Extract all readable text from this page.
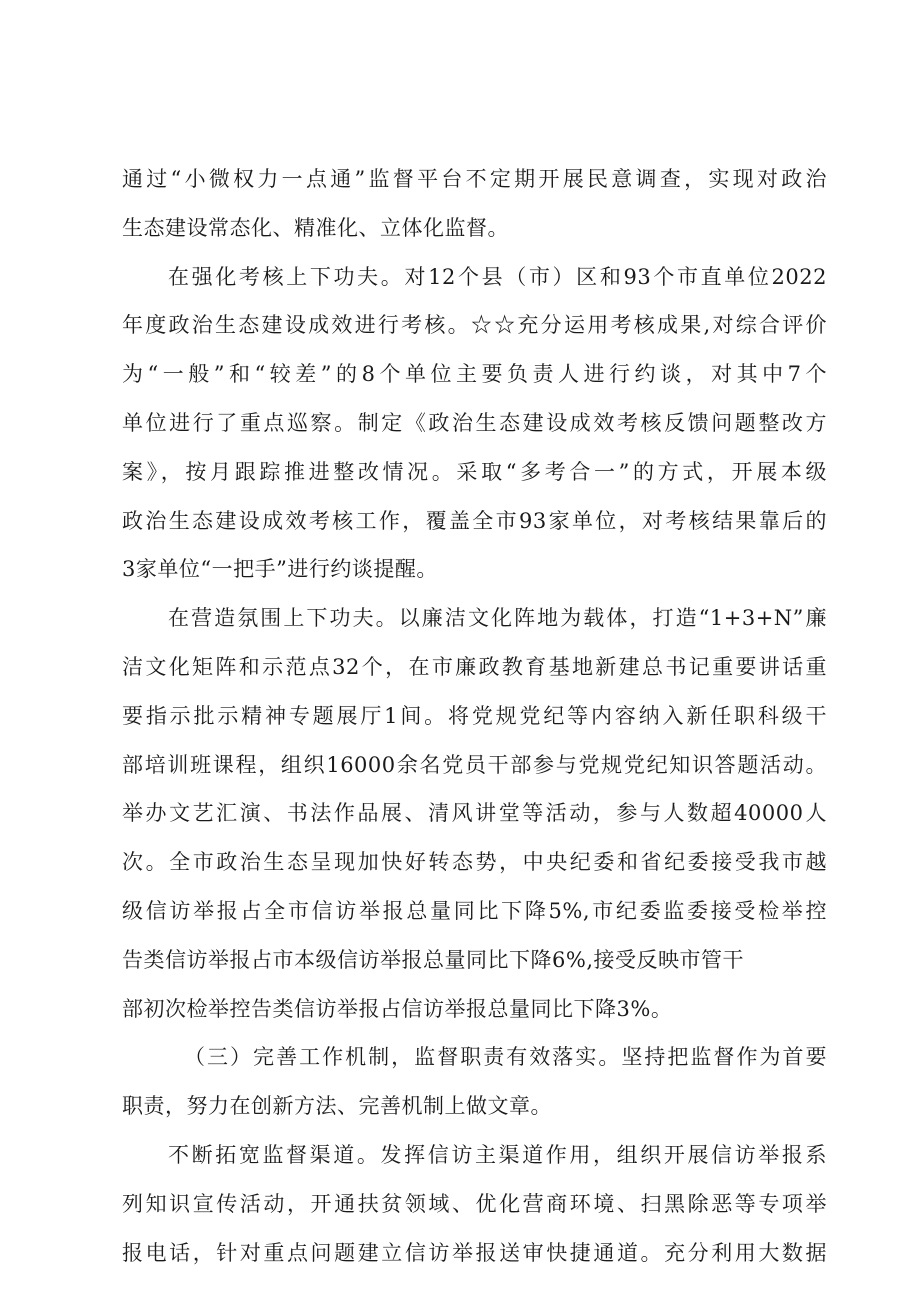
通过“小微权力一点通”监督平台不定期开展民意调查，实现对政治
生态建设常态化、精准化、立体化监督。
在强化考核上下功夫。对12个县（市）区和93个市直单位2022
年度政治生态建设成效进行考核。☆☆充分运用考核成果,对综合评价
为“一般”和“较差”的8个单位主要负责人进行约谈，对其中7个
单位进行了重点巡察。制定《政治生态建设成效考核反馈问题整改方
案》，按月跟踪推进整改情况。采取“多考合一”的方式，开展本级
政治生态建设成效考核工作，覆盖全市93家单位，对考核结果靠后的
3家单位“一把手”进行约谈提醒。
在营造氛围上下功夫。以廉洁文化阵地为载体，打造“1+3+N”廉
洁文化矩阵和示范点32个，在市廉政教育基地新建总书记重要讲话重
要指示批示精神专题展厅1间。将党规党纪等内容纳入新任职科级干
部培训班课程，组织16000余名党员干部参与党规党纪知识答题活动。
举办文艺汇演、书法作品展、清风讲堂等活动，参与人数超40000人
次。全市政治生态呈现加快好转态势，中央纪委和省纪委接受我市越
级信访举报占全市信访举报总量同比下降5%,市纪委监委接受检举控
告类信访举报占市本级信访举报总量同比下降6%,接受反映市管干
部初次检举控告类信访举报占信访举报总量同比下降3%。
（三）完善工作机制，监督职责有效落实。坚持把监督作为首要
职责，努力在创新方法、完善机制上做文章。
不断拓宽监督渠道。发挥信访主渠道作用，组织开展信访举报系
列知识宣传活动，开通扶贫领域、优化营商环境、扫黑除恶等专项举
报电话，针对重点问题建立信访举报送审快捷通道。充分利用大数据
